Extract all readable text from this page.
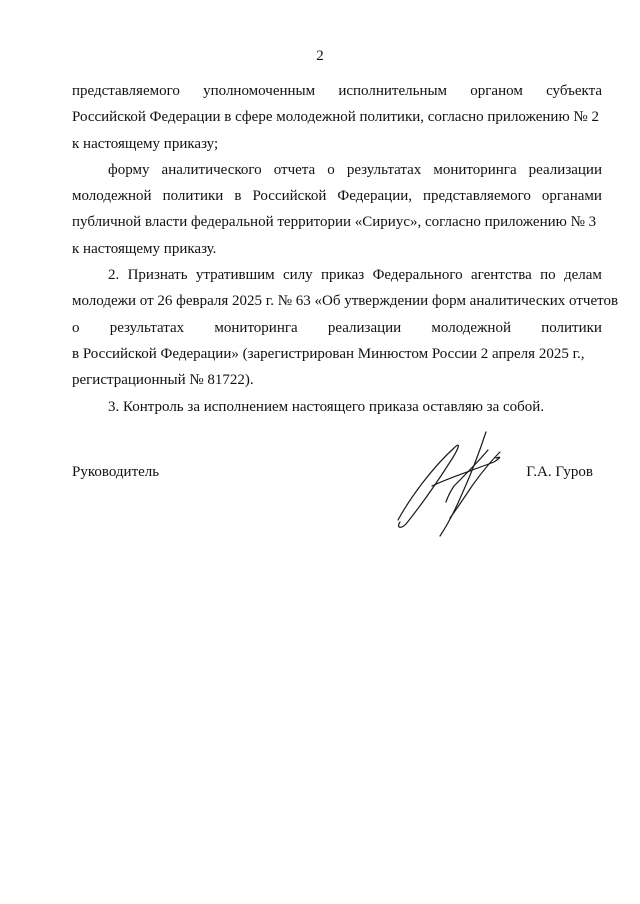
2
представляемого уполномоченным исполнительным органом субъекта
Российской Федерации в сфере молодежной политики, согласно приложению № 2
к настоящему приказу;
форму аналитического отчета о результатах мониторинга реализации
молодежной политики в Российской Федерации, представляемого органами
публичной власти федеральной территории «Сириус», согласно приложению № 3
к настоящему приказу.
2. Признать утратившим силу приказ Федерального агентства по делам
молодежи от 26 февраля 2025 г. № 63 «Об утверждении форм аналитических отчетов
о результатах мониторинга реализации молодежной политики
в Российской Федерации» (зарегистрирован Минюстом России 2 апреля 2025 г.,
регистрационный № 81722).
3. Контроль за исполнением настоящего приказа оставляю за собой.
Руководитель	Г.А. Гуров
